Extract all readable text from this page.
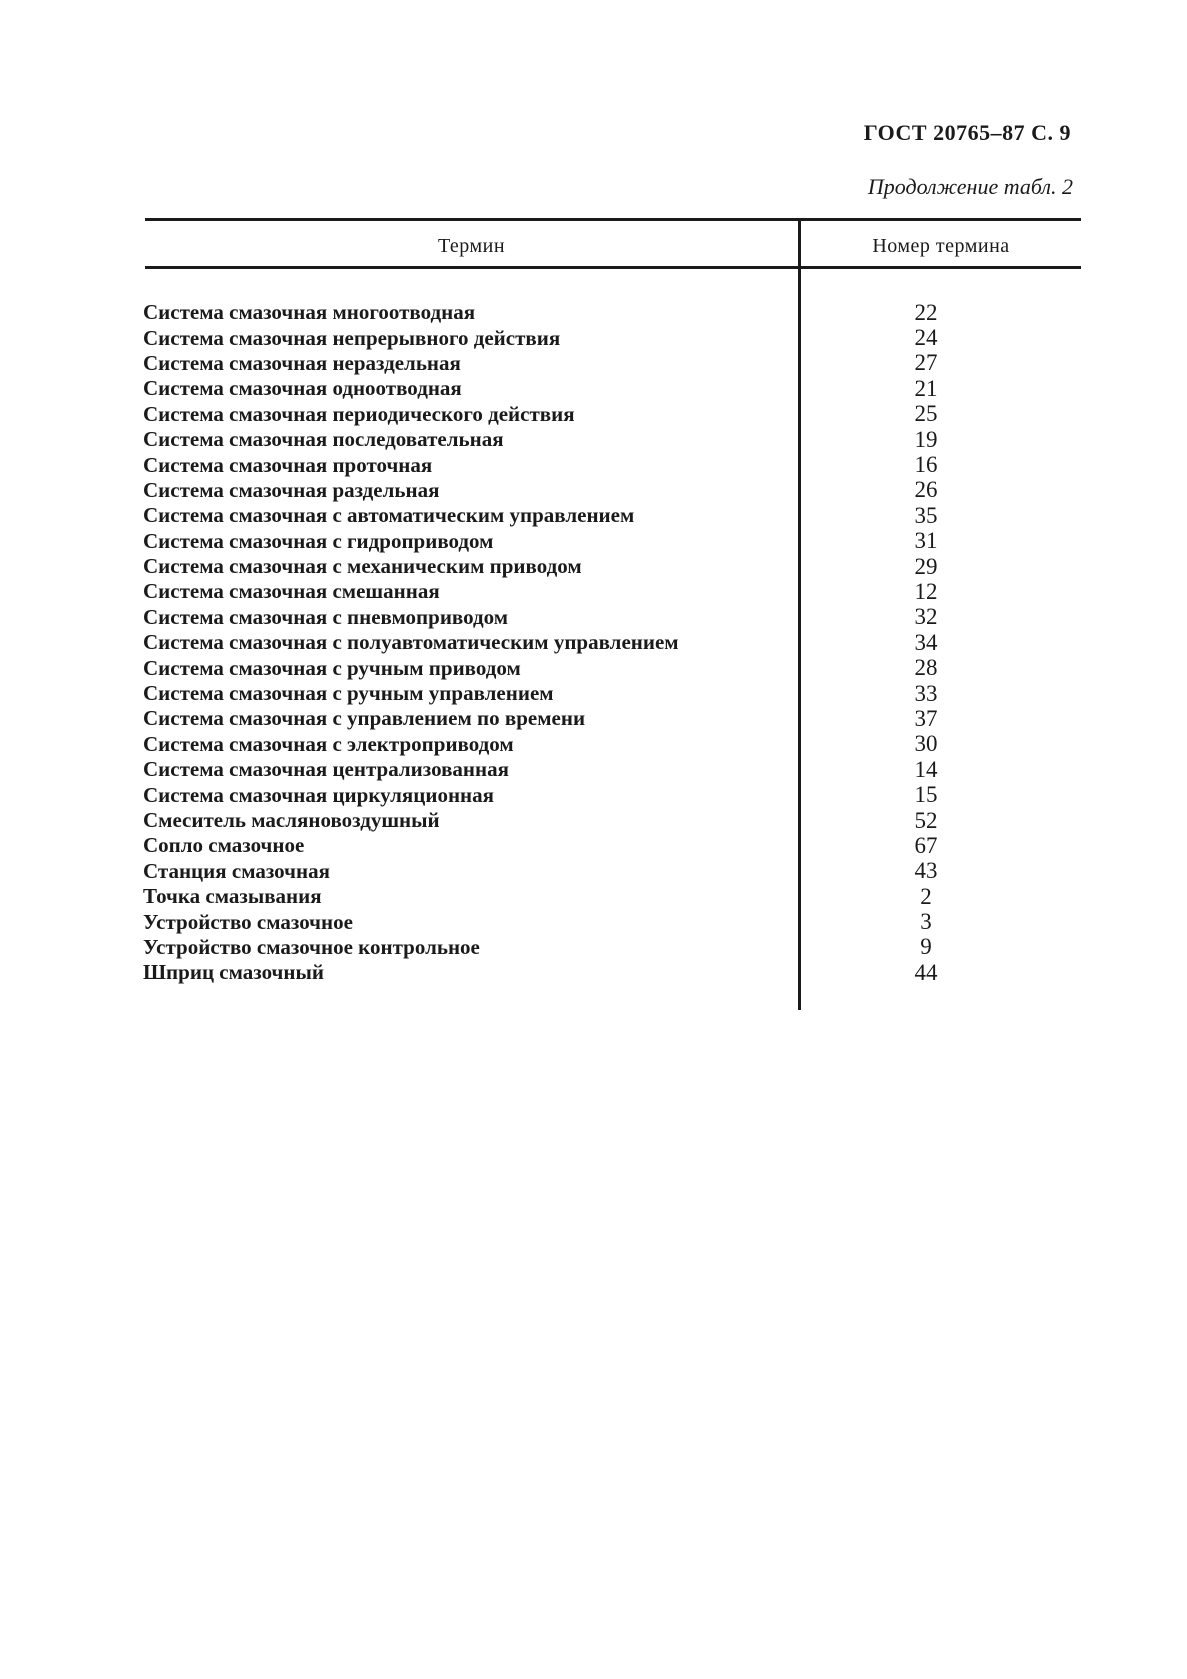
ГОСТ 20765–87 С. 9
Продолжение табл. 2
Термин	Номер термина
Система смазочная многоотводная	22
Система смазочная непрерывного действия	24
Система смазочная нераздельная	27
Система смазочная одноотводная	21
Система смазочная периодического действия	25
Система смазочная последовательная	19
Система смазочная проточная	16
Система смазочная раздельная	26
Система смазочная с автоматическим управлением	35
Система смазочная с гидроприводом	31
Система смазочная с механическим приводом	29
Система смазочная смешанная	12
Система смазочная с пневмоприводом	32
Система смазочная с полуавтоматическим управлением	34
Система смазочная с ручным приводом	28
Система смазочная с ручным управлением	33
Система смазочная с управлением по времени	37
Система смазочная с электроприводом	30
Система смазочная централизованная	14
Система смазочная циркуляционная	15
Смеситель масляновоздушный	52
Сопло смазочное	67
Станция смазочная	43
Точка смазывания	2
Устройство смазочное	3
Устройство смазочное контрольное	9
Шприц смазочный	44
